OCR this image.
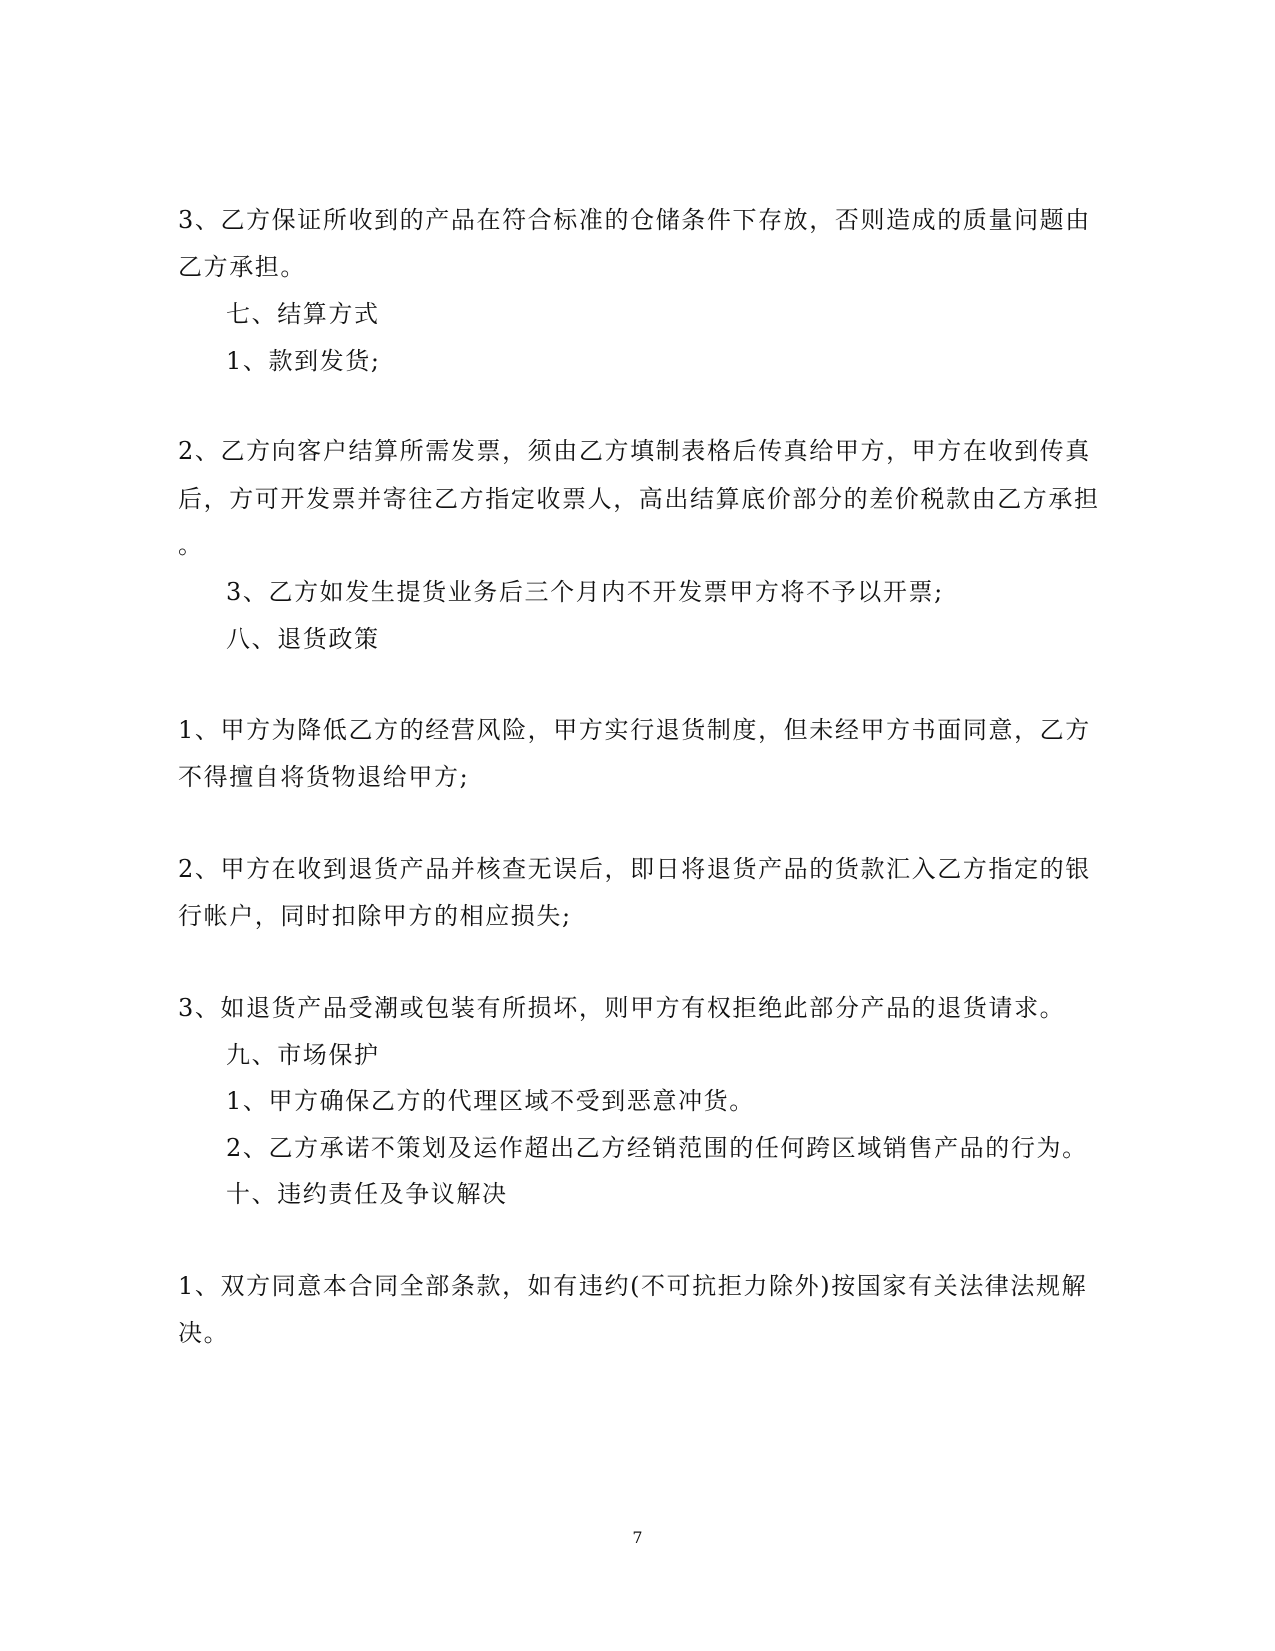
3、乙方保证所收到的产品在符合标准的仓储条件下存放，否则造成的质量问题由
乙方承担。
七、结算方式
1、款到发货;
2、乙方向客户结算所需发票，须由乙方填制表格后传真给甲方，甲方在收到传真
后，方可开发票并寄往乙方指定收票人，高出结算底价部分的差价税款由乙方承担
。
3、乙方如发生提货业务后三个月内不开发票甲方将不予以开票;
八、退货政策
1、甲方为降低乙方的经营风险，甲方实行退货制度，但未经甲方书面同意，乙方
不得擅自将货物退给甲方;
2、甲方在收到退货产品并核查无误后，即日将退货产品的货款汇入乙方指定的银
行帐户，同时扣除甲方的相应损失;
3、如退货产品受潮或包装有所损坏，则甲方有权拒绝此部分产品的退货请求。
九、市场保护
1、甲方确保乙方的代理区域不受到恶意冲货。
2、乙方承诺不策划及运作超出乙方经销范围的任何跨区域销售产品的行为。
十、违约责任及争议解决
1、双方同意本合同全部条款，如有违约(不可抗拒力除外)按国家有关法律法规解
决。
7
